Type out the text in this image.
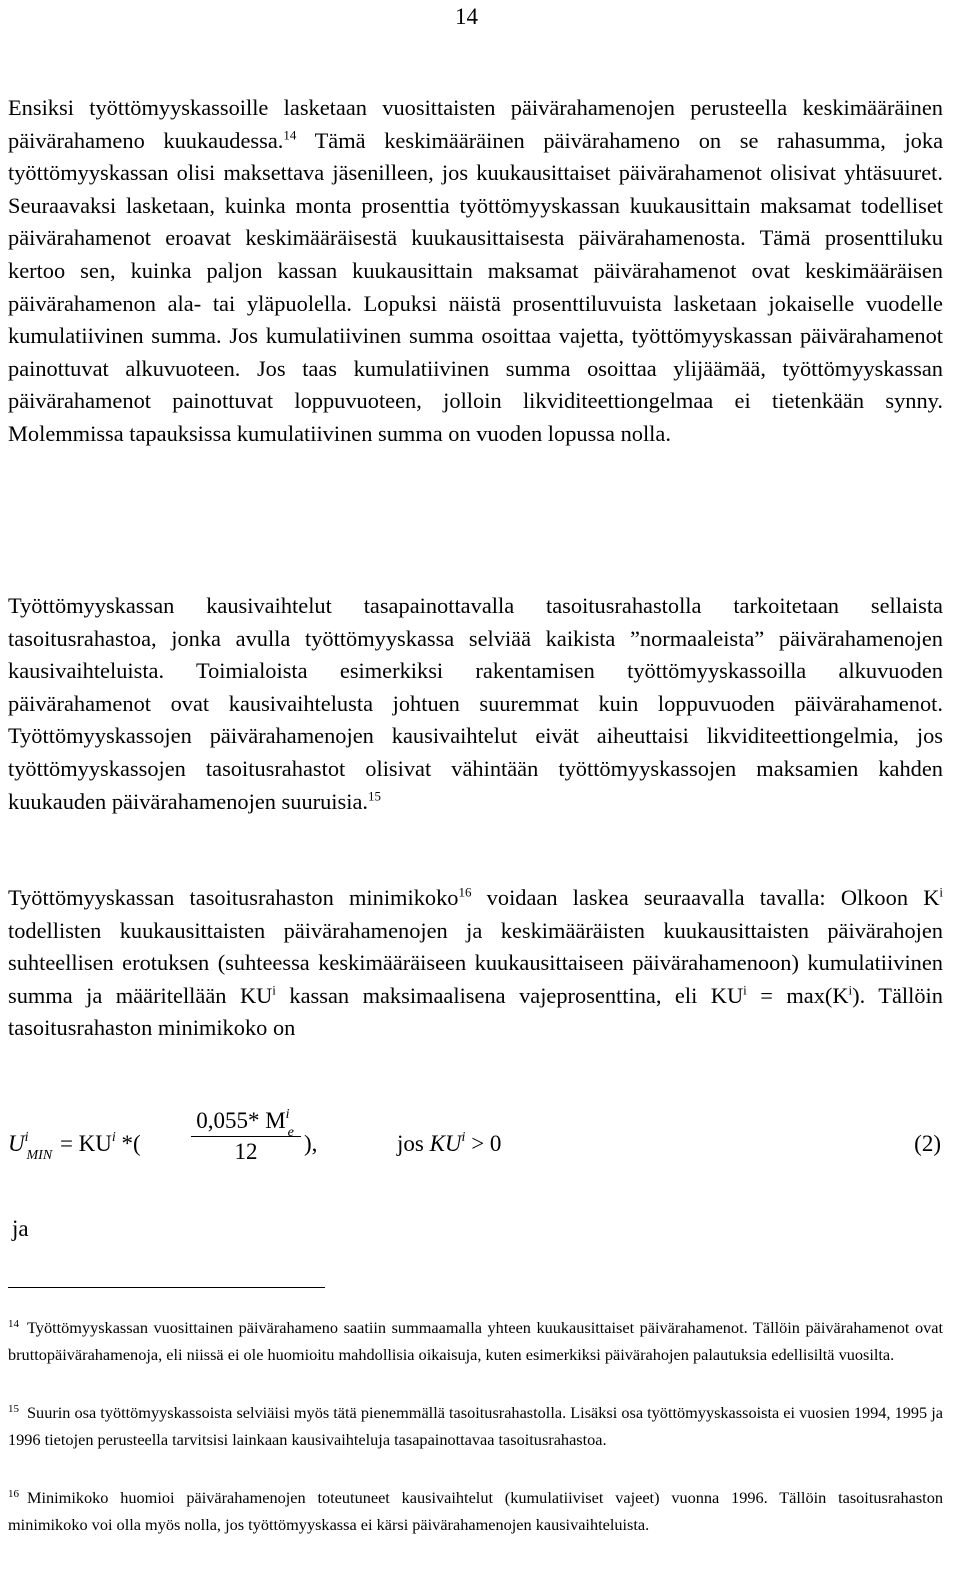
14

Ensiksi työttömyyskassoille lasketaan vuosittaisten päivärahamenojen perusteella keskimääräinen päivärahameno kuukaudessa.$^{14}$ Tämä keskimääräinen päivärahameno on se rahasumma, joka työttömyyskassan olisi maksettava jäsenilleen, jos kuukausittaiset päivärahamenot olisivat yhtäsuuret. Seuraavaksi lasketaan, kuinka monta prosenttia työttömyyskassan kuukausittain maksamat todelliset päivärahamenot eroavat keskimääräisestä kuukausittaisesta päivärahamenosta. Tämä prosenttiluku kertoo sen, kuinka paljon kassan kuukausittain maksamat päivärahamenot ovat keskimääräisen päivärahamenon ala- tai yläpuolella. Lopuksi näistä prosenttiluvuista lasketaan jokaiselle vuodelle kumulatiivinen summa. Jos kumulatiivinen summa osoittaa vajetta, työttömyyskassan päivärahamenot painottuvat alkuvuoteen. Jos taas kumulatiivinen summa osoittaa ylijäämää, työttömyyskassan päivärahamenot painottuvat loppuvuoteen, jolloin likviditeettiongelmaa ei tietenkään synny. Molemmissa tapauksissa kumulatiivinen summa on vuoden lopussa nolla.

Työttömyyskassan kausivaihtelut tasapainottavalla tasoitusrahastolla tarkoitetaan sellaista tasoitusrahastoa, jonka avulla työttömyyskassa selviää kaikista ”normaaleista” päivärahamenojen kausivaihteluista. Toimialoista esimerkiksi rakentamisen työttömyyskassoilla alkuvuoden päivärahamenot ovat kausivaihtelusta johtuen suuremmat kuin loppuvuoden päivärahamenot. Työttömyyskassojen päivärahamenojen kausivaihtelut eivät aiheuttaisi likviditeettiongelmia, jos työttömyyskassojen tasoitusrahastot olisivat vähintään työttömyyskassojen maksamien kahden kuukauden päivärahamenojen suuruisia.$^{15}$

Työttömyyskassan tasoitusrahaston minimikoko$^{16}$ voidaan laskea seuraavalla tavalla: Olkoon $K^i$ todellisten kuukausittaisten päivärahamenojen ja keskimääräisten kuukausittaisten päivärahojen suhteellisen erotuksen (suhteessa keskimääräiseen kuukausittaiseen päivärahamenoon) kumulatiivinen summa ja määritellään $KU^i$ kassan maksimaalisena vajeprosenttina, eli $KU^i = \max(K^i)$. Tällöin tasoitusrahaston minimikoko on

$U^i_{MIN} = KU^i$ *(
0,055* $M^i_e$
12	),	jos $KU^i > 0$	(2)
ja

$^{14}$ Työttömyyskassan vuosittainen päivärahameno saatiin summaamalla yhteen kuukausittaiset päivärahamenot. Tällöin päivärahamenot ovat bruttopäivärahamenoja, eli niissä ei ole huomioitu mahdollisia oikaisuja, kuten esimerkiksi päivärahojen palautuksia edellisiltä vuosilta.

$^{15}$ Suurin osa työttömyyskassoista selviäisi myös tätä pienemmällä tasoitusrahastolla. Lisäksi osa työttömyyskassoista ei vuosien 1994, 1995 ja 1996 tietojen perusteella tarvitsisi lainkaan kausivaihteluja tasapainottavaa tasoitusrahastoa.

$^{16}$ Minimikoko huomioi päivärahamenojen toteutuneet kausivaihtelut (kumulatiiviset vajeet) vuonna 1996. Tällöin tasoitusrahaston minimikoko voi olla myös nolla, jos työttömyyskassa ei kärsi päivärahamenojen kausivaihteluista.
